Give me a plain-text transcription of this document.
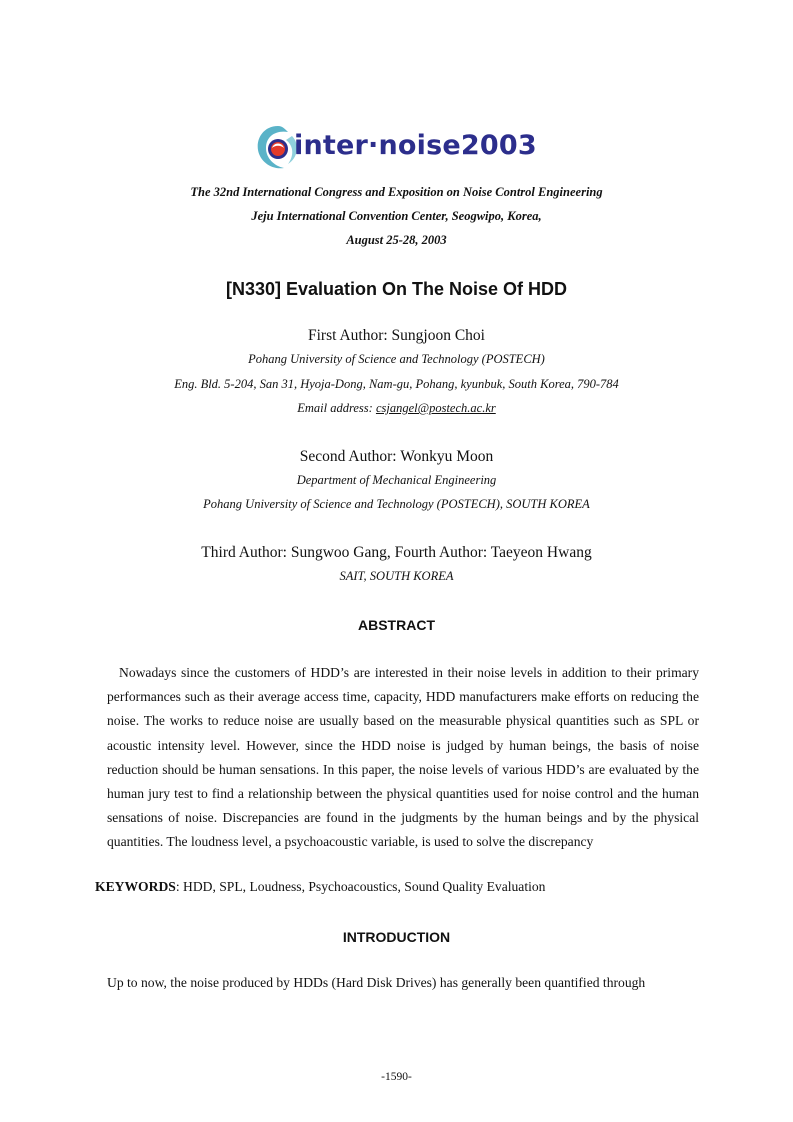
inter·noise2003
The 32nd International Congress and Exposition on Noise Control Engineering
Jeju International Convention Center, Seogwipo, Korea,
August 25-28, 2003
[N330] Evaluation On The Noise Of HDD
First Author: Sungjoon Choi
Pohang University of Science and Technology (POSTECH)
Eng. Bld. 5-204, San 31, Hyoja-Dong, Nam-gu, Pohang, kyunbuk, South Korea, 790-784
Email address: csjangel@postech.ac.kr
Second Author: Wonkyu Moon
Department of Mechanical Engineering
Pohang University of Science and Technology (POSTECH), SOUTH KOREA
Third Author: Sungwoo Gang, Fourth Author: Taeyeon Hwang
SAIT, SOUTH KOREA
ABSTRACT

Nowadays since the customers of HDD’s are interested in their noise levels in addition to their primary performances such as their average access time, capacity, HDD manufacturers make efforts on reducing the noise. The works to reduce noise are usually based on the measurable physical quantities such as SPL or acoustic intensity level. However, since the HDD noise is judged by human beings, the basis of noise reduction should be human sensations. In this paper, the noise levels of various HDD’s are evaluated by the human jury test to find a relationship between the physical quantities used for noise control and the human sensations of noise. Discrepancies are found in the judgments by the human beings and by the physical quantities. The loudness level, a psychoacoustic variable, is used to solve the discrepancy

KEYWORDS: HDD, SPL, Loudness, Psychoacoustics, Sound Quality Evaluation
INTRODUCTION
Up to now, the noise produced by HDDs (Hard Disk Drives) has generally been quantified through
-1590-
